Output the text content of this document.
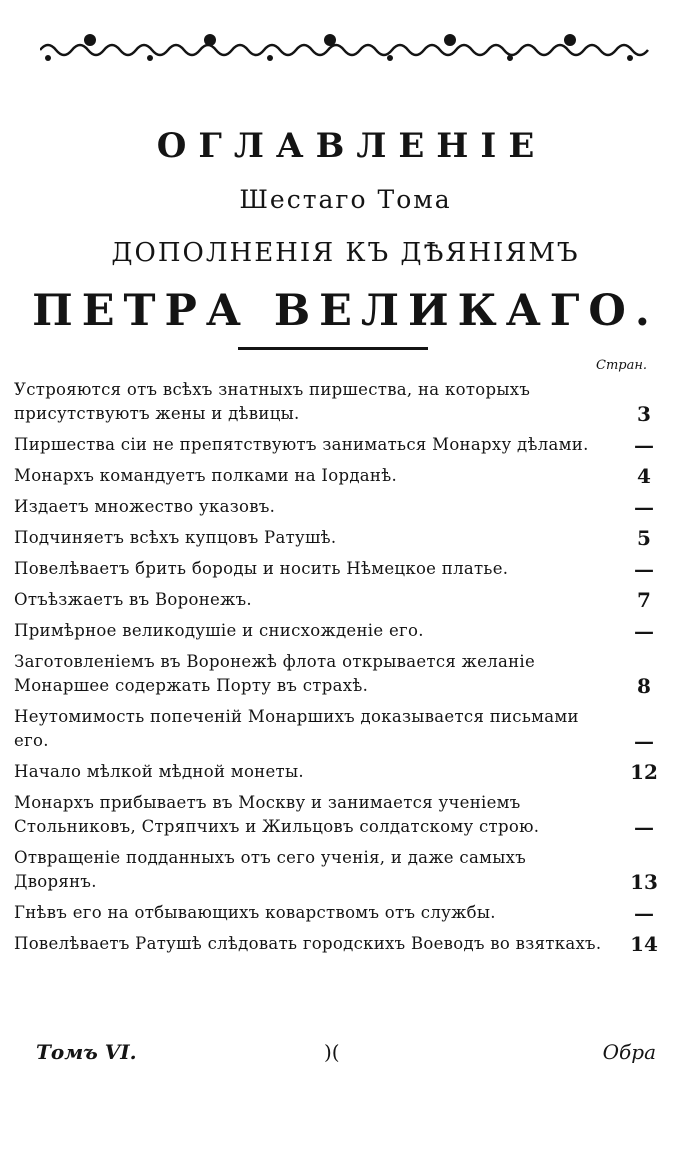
ОГЛАВЛЕНІЕ
Шестаго Тома
ДОПОЛНЕНІЯ КЪ ДѢЯНІЯМЪ
ПЕТРА ВЕЛИКАГО.
Стран.
Устрояются отъ всѣхъ знатныхъ пиршества, на которыхъ присутствуютъ жены и дѣвицы.	3
Пиршества сіи не препятствуютъ заниматься Монарху дѣлами.	—
Монархъ командуетъ полками на Іорданѣ.	4
Издаетъ множество указовъ.	—
Подчиняетъ всѣхъ купцовъ Ратушѣ.	5
Повелѣваетъ брить бороды и носить Нѣмецкое платье.	—
Отъѣзжаетъ въ Воронежъ.	7
Примѣрное великодушіе и снисхожденіе его.	—
Заготовленіемъ въ Воронежѣ флота открывается желаніе Монаршее содержать Порту въ страхѣ.	8
Неутомимость попеченій Монаршихъ доказывается письмами его.	—
Начало мѣлкой мѣдной монеты.	12
Монархъ прибываетъ въ Москву и занимается ученіемъ Стольниковъ, Стряпчихъ и Жильцовъ солдатскому строю.	—
Отвращеніе подданныхъ отъ сего ученія, и даже самыхъ Дворянъ.	13
Гнѣвъ его на отбывающихъ коварствомъ отъ службы.	—
Повелѣваетъ Ратушѣ слѣдовать городскихъ Воеводъ во взяткахъ.	14
Томъ VI.	)(	Обра
